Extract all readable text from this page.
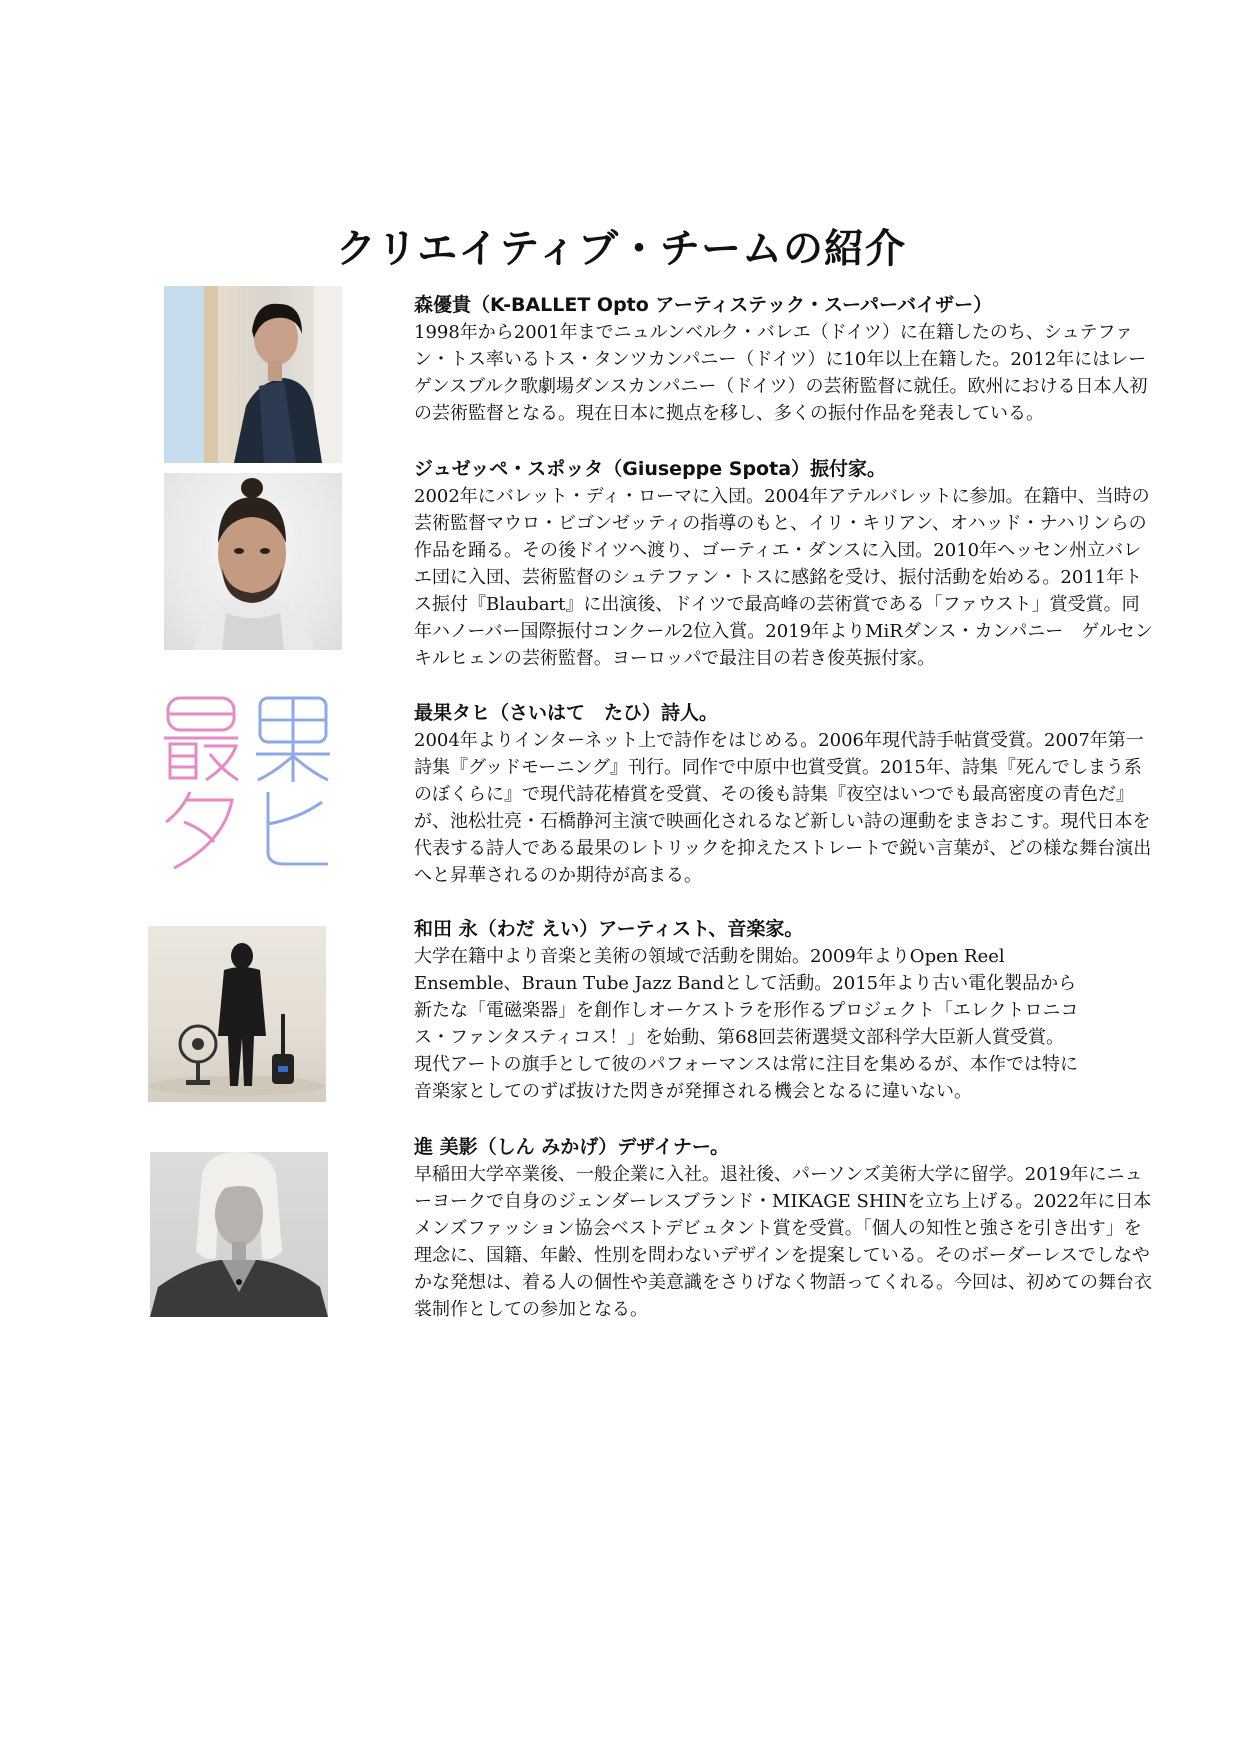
クリエイティブ・チームの紹介

森優貴（K-BALLET Opto アーティステック・スーパーバイザー）

1998年から2001年までニュルンベルク・バレエ（ドイツ）に在籍したのち、シュテファン・トス率いるトス・タンツカンパニー（ドイツ）に10年以上在籍した。2012年にはレーゲンスブルク歌劇場ダンスカンパニー（ドイツ）の芸術監督に就任。欧州における日本人初の芸術監督となる。現在日本に拠点を移し、多くの振付作品を発表している。

ジュゼッペ・スポッタ（Giuseppe Spota）振付家。

2002年にバレット・ディ・ローマに入団。2004年アテルバレットに参加。在籍中、当時の芸術監督マウロ・ビゴンゼッティの指導のもと、イリ・キリアン、オハッド・ナハリンらの作品を踊る。その後ドイツへ渡り、ゴーティエ・ダンスに入団。2010年ヘッセン州立バレエ団に入団、芸術監督のシュテファン・トスに感銘を受け、振付活動を始める。2011年トス振付『Blaubart』に出演後、ドイツで最高峰の芸術賞である「ファウスト」賞受賞。同年ハノーバー国際振付コンクール2位入賞。2019年よりMiRダンス・カンパニー　ゲルセンキルヒェンの芸術監督。ヨーロッパで最注目の若き俊英振付家。

最果タヒ（さいはて　たひ）詩人。

2004年よりインターネット上で詩作をはじめる。2006年現代詩手帖賞受賞。2007年第一詩集『グッドモーニング』刊行。同作で中原中也賞受賞。2015年、詩集『死んでしまう系のぼくらに』で現代詩花椿賞を受賞、その後も詩集『夜空はいつでも最高密度の青色だ』が、池松壮亮・石橋静河主演で映画化されるなど新しい詩の運動をまきおこす。現代日本を代表する詩人である最果のレトリックを抑えたストレートで鋭い言葉が、どの様な舞台演出へと昇華されるのか期待が高まる。

和田 永（わだ えい）アーティスト、音楽家。

大学在籍中より音楽と美術の領域で活動を開始。2009年よりOpen Reel Ensemble、Braun Tube Jazz Bandとして活動。2015年より古い電化製品から新たな「電磁楽器」を創作しオーケストラを形作るプロジェクト「エレクトロニコス・ファンタスティコス！」を始動、第68回芸術選奨文部科学大臣新人賞受賞。現代アートの旗手として彼のパフォーマンスは常に注目を集めるが、本作では特に音楽家としてのずば抜けた閃きが発揮される機会となるに違いない。

進 美影（しん みかげ）デザイナー。

早稲田大学卒業後、一般企業に入社。退社後、パーソンズ美術大学に留学。2019年にニューヨークで自身のジェンダーレスブランド・MIKAGE SHINを立ち上げる。2022年に日本メンズファッション協会ベストデビュタント賞を受賞。「個人の知性と強さを引き出す」を理念に、国籍、年齢、性別を問わないデザインを提案している。そのボーダーレスでしなやかな発想は、着る人の個性や美意識をさりげなく物語ってくれる。今回は、初めての舞台衣裳制作としての参加となる。
